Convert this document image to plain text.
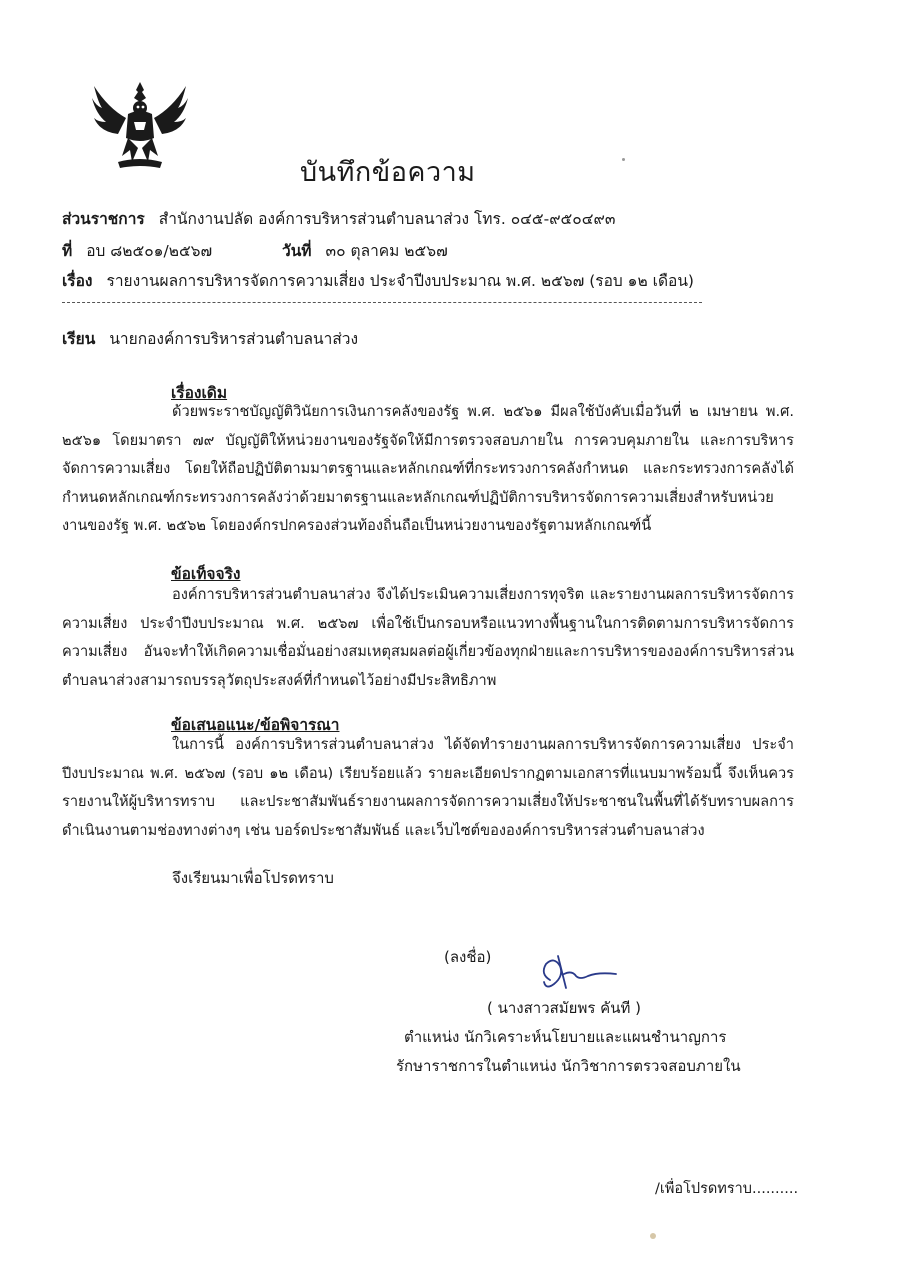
บันทึกข้อความ
ส่วนราชการ สำนักงานปลัด องค์การบริหารส่วนตำบลนาส่วง โทร. ๐๔๕-๙๕๐๔๙๓
ที่ อบ ๘๒๕๐๑/๒๕๖๗	วันที่ ๓๐ ตุลาคม ๒๕๖๗
เรื่อง รายงานผลการบริหารจัดการความเสี่ยง ประจำปีงบประมาณ พ.ศ. ๒๕๖๗ (รอบ ๑๒ เดือน)
เรียน นายกองค์การบริหารส่วนตำบลนาส่วง
เรื่องเดิม

ด้วยพระราชบัญญัติวินัยการเงินการคลังของรัฐ พ.ศ. ๒๕๖๑ มีผลใช้บังคับเมื่อวันที่ ๒ เมษายน พ.ศ. ๒๕๖๑ โดยมาตรา ๗๙ บัญญัติให้หน่วยงานของรัฐจัดให้มีการตรวจสอบภายใน การควบคุมภายใน และการบริหารจัดการความเสี่ยง โดยให้ถือปฏิบัติตามมาตรฐานและหลักเกณฑ์ที่กระทรวงการคลังกำหนด และกระทรวงการคลังได้กำหนดหลักเกณฑ์กระทรวงการคลังว่าด้วยมาตรฐานและหลักเกณฑ์ปฏิบัติการบริหารจัดการความเสี่ยงสำหรับหน่วยงานของรัฐ พ.ศ. ๒๕๖๒ โดยองค์กรปกครองส่วนท้องถิ่นถือเป็นหน่วยงานของรัฐตามหลักเกณฑ์นี้

ข้อเท็จจริง

องค์การบริหารส่วนตำบลนาส่วง จึงได้ประเมินความเสี่ยงการทุจริต และรายงานผลการบริหารจัดการความเสี่ยง ประจำปีงบประมาณ พ.ศ. ๒๕๖๗ เพื่อใช้เป็นกรอบหรือแนวทางพื้นฐานในการติดตามการบริหารจัดการความเสี่ยง อันจะทำให้เกิดความเชื่อมั่นอย่างสมเหตุสมผลต่อผู้เกี่ยวข้องทุกฝ่ายและการบริหารขององค์การบริหารส่วนตำบลนาส่วงสามารถบรรลุวัตถุประสงค์ที่กำหนดไว้อย่างมีประสิทธิภาพ

ข้อเสนอแนะ/ข้อพิจารณา

ในการนี้ องค์การบริหารส่วนตำบลนาส่วง ได้จัดทำรายงานผลการบริหารจัดการความเสี่ยง ประจำปีงบประมาณ พ.ศ. ๒๕๖๗ (รอบ ๑๒ เดือน) เรียบร้อยแล้ว รายละเอียดปรากฏตามเอกสารที่แนบมาพร้อมนี้ จึงเห็นควรรายงานให้ผู้บริหารทราบ และประชาสัมพันธ์รายงานผลการจัดการความเสี่ยงให้ประชาชนในพื้นที่ได้รับทราบผลการดำเนินงานตามช่องทางต่างๆ เช่น บอร์ดประชาสัมพันธ์ และเว็บไซต์ขององค์การบริหารส่วนตำบลนาส่วง

จึงเรียนมาเพื่อโปรดทราบ
(ลงชื่อ)
( นางสาวสมัยพร คันที )
ตำแหน่ง นักวิเคราะห์นโยบายและแผนชำนาญการ
รักษาราชการในตำแหน่ง นักวิชาการตรวจสอบภายใน
/เพื่อโปรดทราบ..........
